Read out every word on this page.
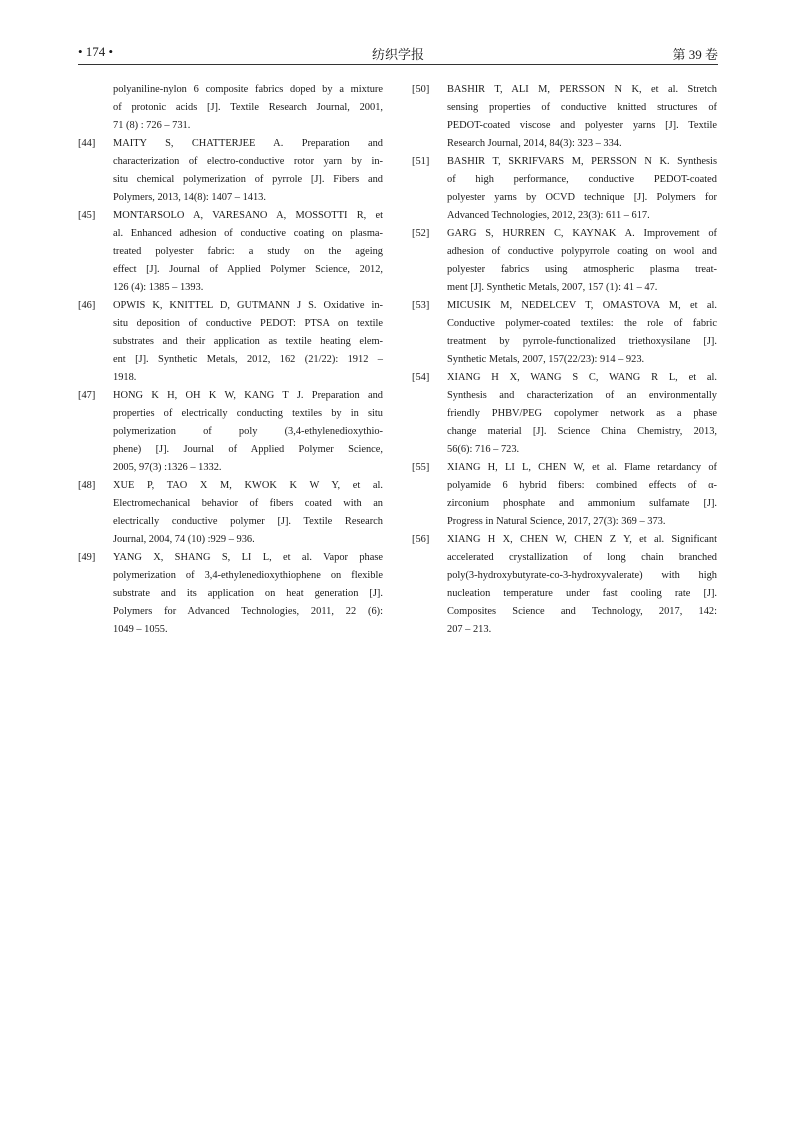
• 174 •	纺织学报	第 39 卷
polyaniline-nylon 6 composite fabrics doped by a mixture
of protonic acids [J]. Textile Research Journal, 2001,
71 (8) : 726 – 731.
[44] MAITY S, CHATTERJEE A. Preparation and
characterization of electro-conductive rotor yarn by in-
situ chemical polymerization of pyrrole [J]. Fibers and
Polymers, 2013, 14(8): 1407 – 1413.
[45] MONTARSOLO A, VARESANO A, MOSSOTTI R, et
al. Enhanced adhesion of conductive coating on plasma-
treated polyester fabric: a study on the ageing
effect [J]. Journal of Applied Polymer Science, 2012,
126 (4): 1385 – 1393.
[46] OPWIS K, KNITTEL D, GUTMANN J S. Oxidative in-
situ deposition of conductive PEDOT: PTSA on textile
substrates and their application as textile heating elem-
ent [J]. Synthetic Metals, 2012, 162 (21/22): 1912 –
1918.
[47] HONG K H, OH K W, KANG T J. Preparation and
properties of electrically conducting textiles by in situ
polymerization of poly (3,4-ethylenedioxythio-
phene) [J]. Journal of Applied Polymer Science,
2005, 97(3) :1326 – 1332.
[48] XUE P, TAO X M, KWOK K W Y, et al.
Electromechanical behavior of fibers coated with an
electrically conductive polymer [J]. Textile Research
Journal, 2004, 74 (10) :929 – 936.
[49] YANG X, SHANG S, LI L, et al. Vapor phase
polymerization of 3,4-ethylenedioxythiophene on flexible
substrate and its application on heat generation [J].
Polymers for Advanced Technologies, 2011, 22 (6):
1049 – 1055.
[50] BASHIR T, ALI M, PERSSON N K, et al. Stretch
sensing properties of conductive knitted structures of
PEDOT-coated viscose and polyester yarns [J]. Textile
Research Journal, 2014, 84(3): 323 – 334.
[51] BASHIR T, SKRIFVARS M, PERSSON N K. Synthesis
of high performance, conductive PEDOT-coated
polyester yarns by OCVD technique [J]. Polymers for
Advanced Technologies, 2012, 23(3): 611 – 617.
[52] GARG S, HURREN C, KAYNAK A. Improvement of
adhesion of conductive polypyrrole coating on wool and
polyester fabrics using atmospheric plasma treat-
ment [J]. Synthetic Metals, 2007, 157 (1): 41 – 47.
[53] MICUSIK M, NEDELCEV T, OMASTOVA M, et al.
Conductive polymer-coated textiles: the role of fabric
treatment by pyrrole-functionalized triethoxysilane [J].
Synthetic Metals, 2007, 157(22/23): 914 – 923.
[54] XIANG H X, WANG S C, WANG R L, et al.
Synthesis and characterization of an environmentally
friendly PHBV/PEG copolymer network as a phase
change material [J]. Science China Chemistry, 2013,
56(6): 716 – 723.
[55] XIANG H, LI L, CHEN W, et al. Flame retardancy of
polyamide 6 hybrid fibers: combined effects of α-
zirconium phosphate and ammonium sulfamate [J].
Progress in Natural Science, 2017, 27(3): 369 – 373.
[56] XIANG H X, CHEN W, CHEN Z Y, et al. Significant
accelerated crystallization of long chain branched
poly(3-hydroxybutyrate-co-3-hydroxyvalerate) with high
nucleation temperature under fast cooling rate [J].
Composites Science and Technology, 2017, 142:
207 – 213.
